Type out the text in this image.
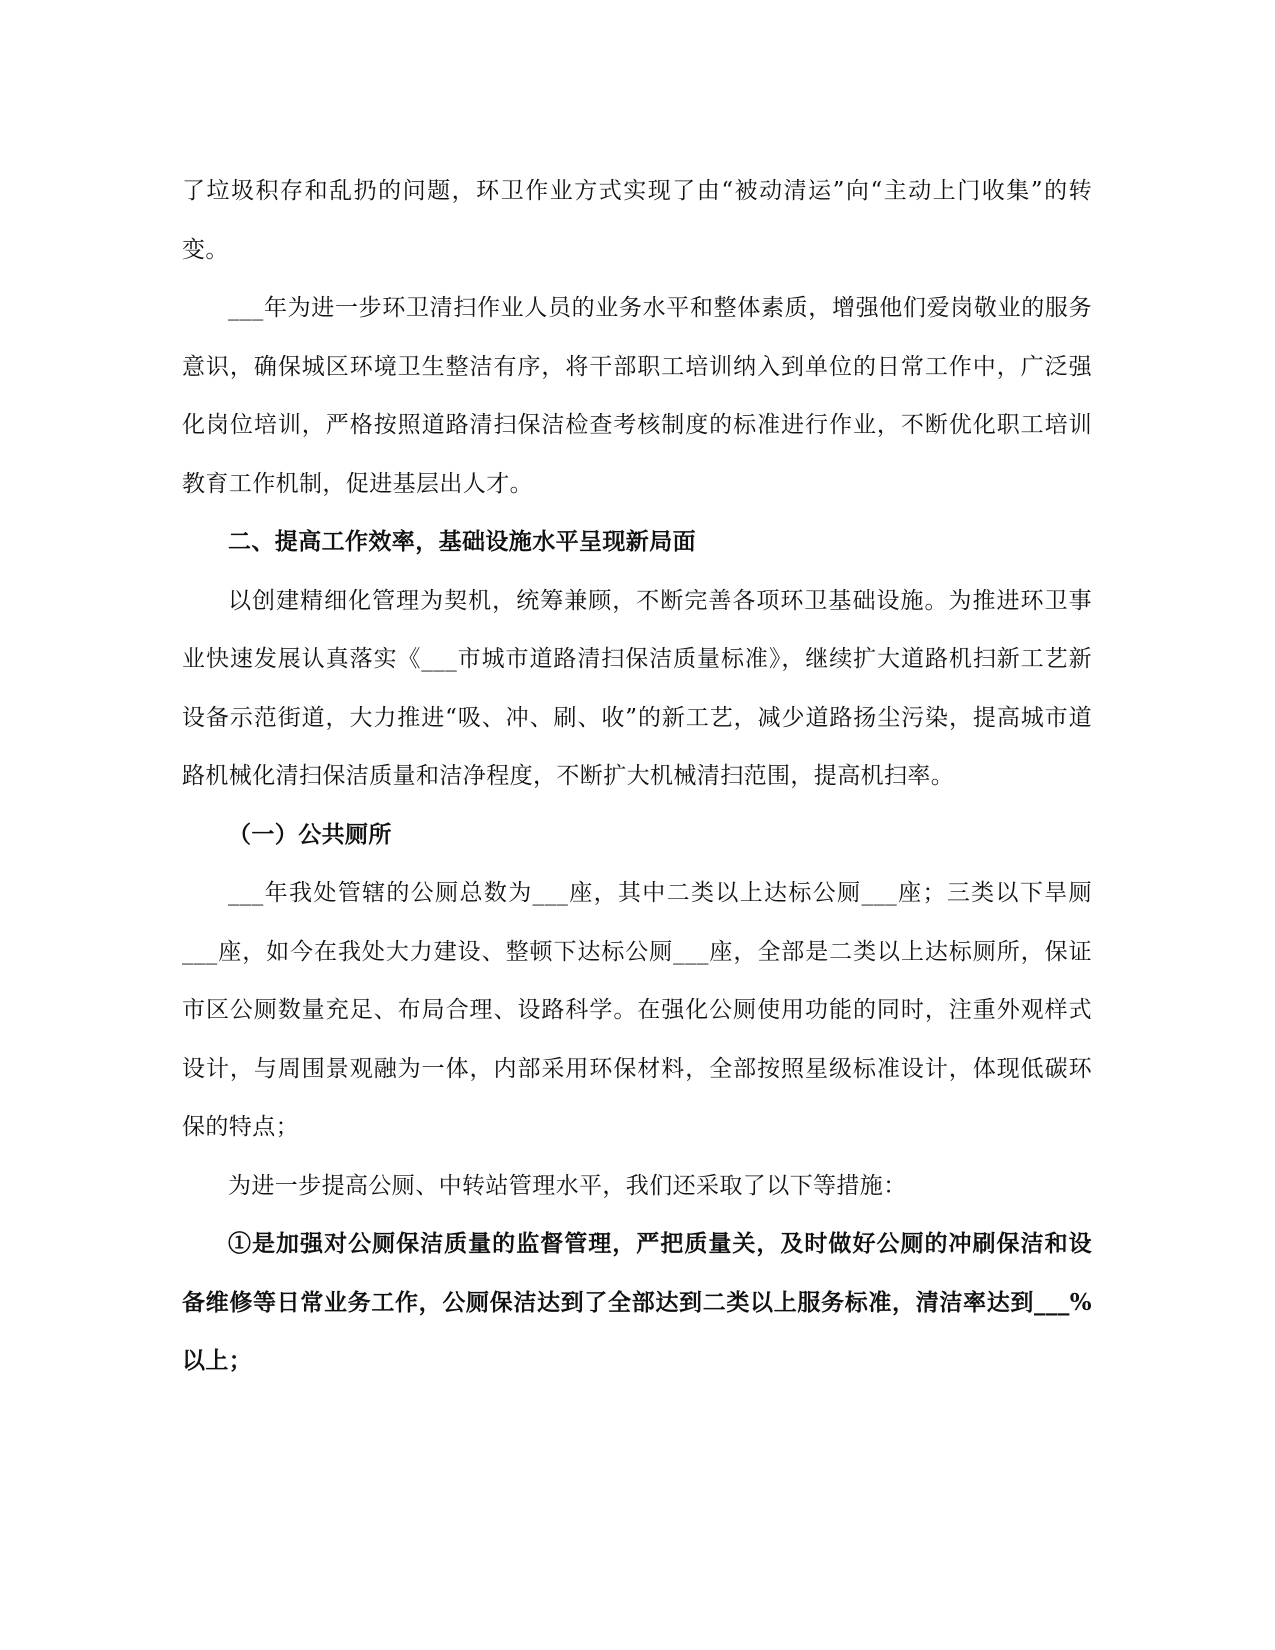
了垃圾积存和乱扔的问题，环卫作业方式实现了由“被动清运”向“主动上门收集”的转变。

___年为进一步环卫清扫作业人员的业务水平和整体素质，增强他们爱岗敬业的服务意识，确保城区环境卫生整洁有序，将干部职工培训纳入到单位的日常工作中，广泛强化岗位培训，严格按照道路清扫保洁检查考核制度的标准进行作业，不断优化职工培训教育工作机制，促进基层出人才。

二、提高工作效率，基础设施水平呈现新局面

以创建精细化管理为契机，统筹兼顾，不断完善各项环卫基础设施。为推进环卫事业快速发展认真落实《___市城市道路清扫保洁质量标准》，继续扩大道路机扫新工艺新设备示范街道，大力推进“吸、冲、刷、收”的新工艺，减少道路扬尘污染，提高城市道路机械化清扫保洁质量和洁净程度，不断扩大机械清扫范围，提高机扫率。

（一）公共厕所

___年我处管辖的公厕总数为___座，其中二类以上达标公厕___座；三类以下旱厕___座，如今在我处大力建设、整顿下达标公厕___座，全部是二类以上达标厕所，保证市区公厕数量充足、布局合理、设路科学。在强化公厕使用功能的同时，注重外观样式设计，与周围景观融为一体，内部采用环保材料，全部按照星级标准设计，体现低碳环保的特点；

为进一步提高公厕、中转站管理水平，我们还采取了以下等措施：

①是加强对公厕保洁质量的监督管理，严把质量关，及时做好公厕的冲刷保洁和设备维修等日常业务工作，公厕保洁达到了全部达到二类以上服务标准，清洁率达到___%以上；
